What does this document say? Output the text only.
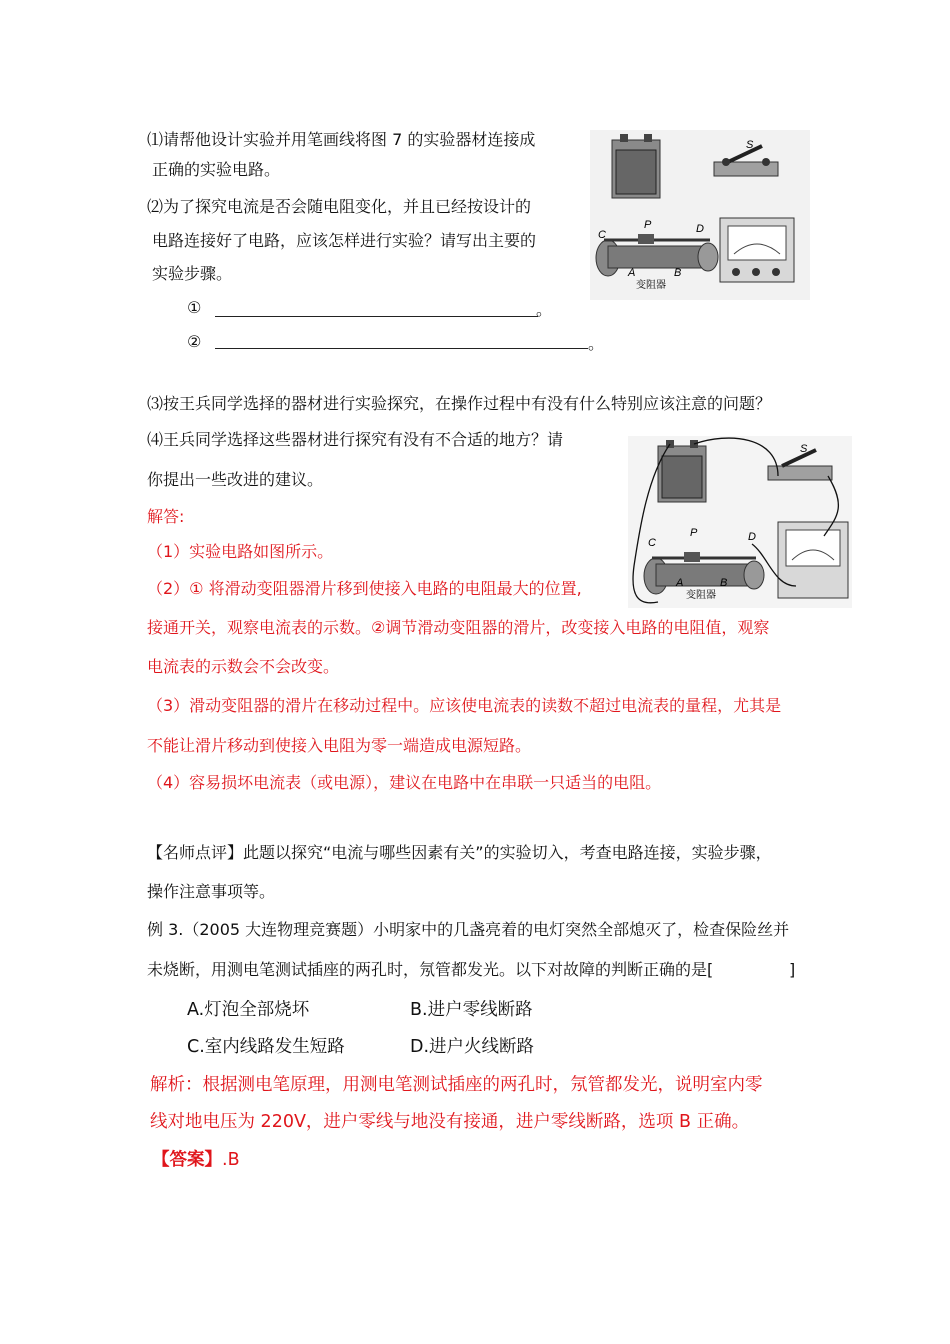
⑴请帮他设计实验并用笔画线将图 7 的实验器材连接成
正确的实验电路。
⑵为了探究电流是否会随电阻变化，并且已经按设计的
电路连接好了电路，应该怎样进行实验？请写出主要的
实验步骤。
①	。
②	。
S
C
P	D
A	B
变阻器
⑶按王兵同学选择的器材进行实验探究，在操作过程中有没有什么特别应该注意的问题？
⑷王兵同学选择这些器材进行探究有没有不合适的地方？请
你提出一些改进的建议。
解答:
（1）实验电路如图所示。
（2）① 将滑动变阻器滑片移到使接入电路的电阻最大的位置,
接通开关，观察电流表的示数。②调节滑动变阻器的滑片，改变接入电路的电阻值，观察
电流表的示数会不会改变。
（3）滑动变阻器的滑片在移动过程中。应该使电流表的读数不超过电流表的量程，尤其是
不能让滑片移动到使接入电阻为零一端造成电源短路。
（4）容易损坏电流表（或电源），建议在电路中在串联一只适当的电阻。
S
C
P	D
A	B
变阻器
【名师点评】此题以探究“电流与哪些因素有关”的实验切入，考查电路连接，实验步骤，
操作注意事项等。
例 3.（2005 大连物理竞赛题）小明家中的几盏亮着的电灯突然全部熄灭了，检查保险丝并
未烧断，用测电笔测试插座的两孔时，氖管都发光。以下对故障的判断正确的是[	]
A.灯泡全部烧坏	B.进户零线断路
C.室内线路发生短路	D.进户火线断路
解析：根据测电笔原理，用测电笔测试插座的两孔时，氖管都发光，说明室内零
线对地电压为 220V，进户零线与地没有接通，进户零线断路，选项 B 正确。
【答案】.B
